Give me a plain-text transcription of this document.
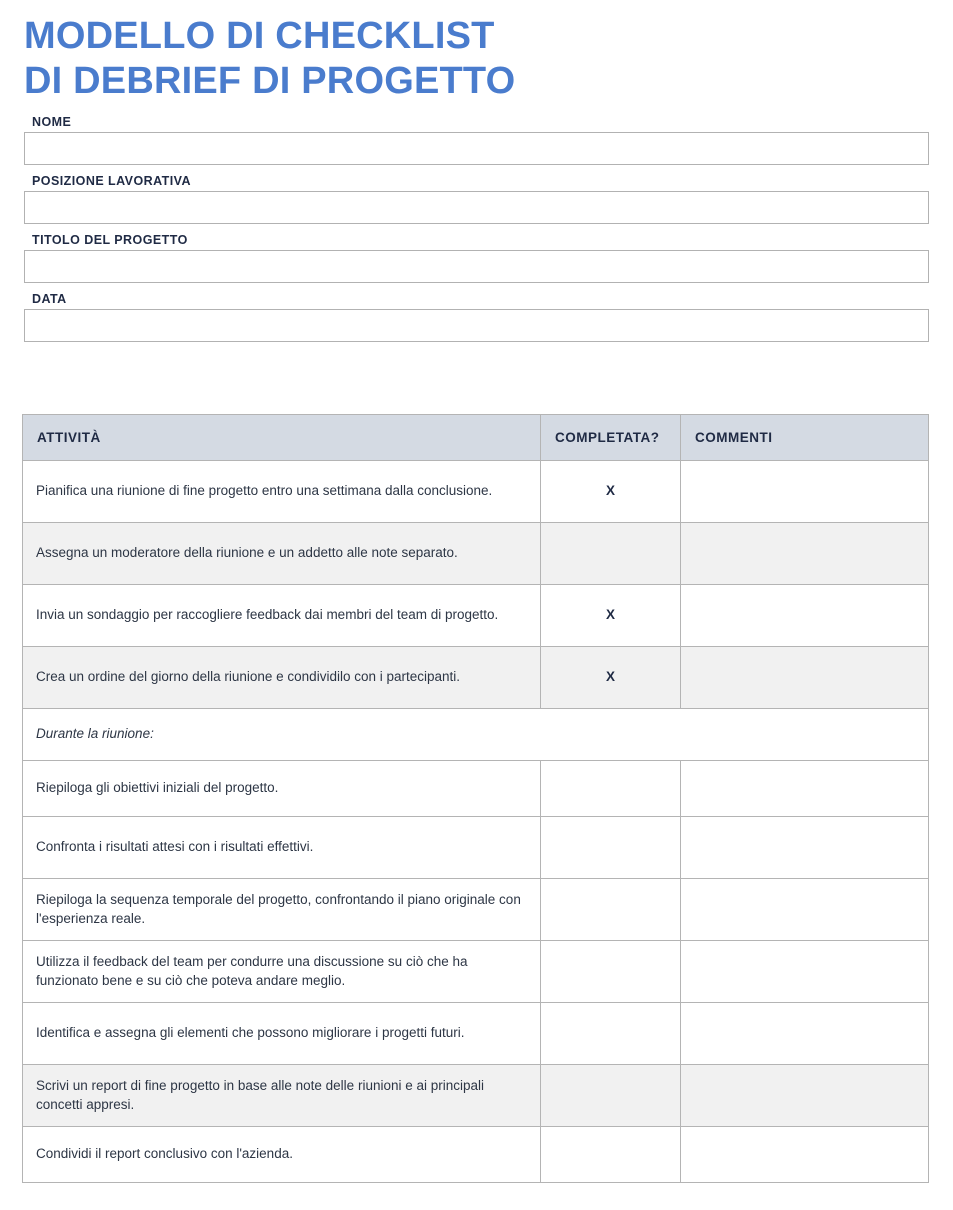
MODELLO DI CHECKLIST
DI DEBRIEF DI PROGETTO
NOME
POSIZIONE LAVORATIVA
TITOLO DEL PROGETTO
DATA
ATTIVITÀ	COMPLETATA?	COMMENTI
Pianifica una riunione di fine progetto entro una settimana dalla conclusione.	X	
Assegna un moderatore della riunione e un addetto alle note separato.		
Invia un sondaggio per raccogliere feedback dai membri del team di progetto.	X	
Crea un ordine del giorno della riunione e condividilo con i partecipanti.	X	
Durante la riunione:		
Riepiloga gli obiettivi iniziali del progetto.		
Confronta i risultati attesi con i risultati effettivi.		
Riepiloga la sequenza temporale del progetto, confrontando il piano originale con l'esperienza reale.		
Utilizza il feedback del team per condurre una discussione su ciò che ha funzionato bene e su ciò che poteva andare meglio.		
Identifica e assegna gli elementi che possono migliorare i progetti futuri.		
Scrivi un report di fine progetto in base alle note delle riunioni e ai principali concetti appresi.		
Condividi il report conclusivo con l'azienda.		
